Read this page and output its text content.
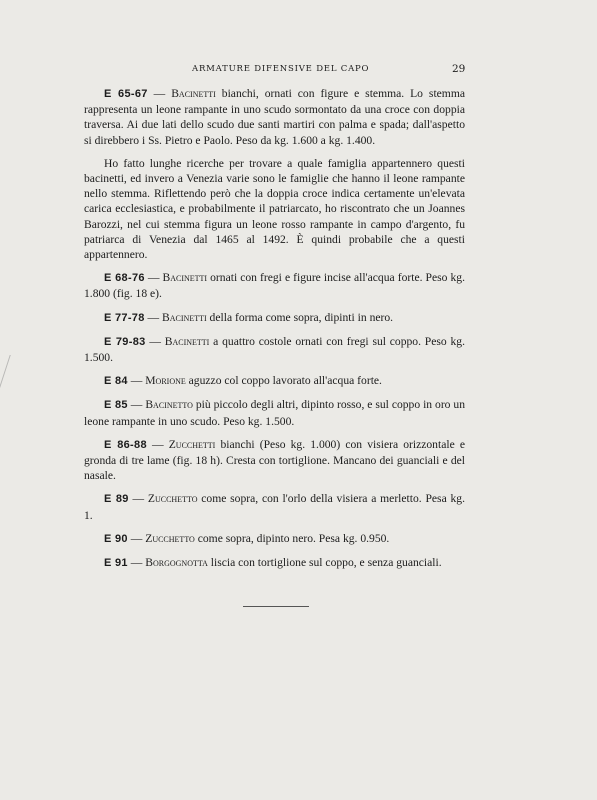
ARMATURE DIFENSIVE DEL CAPO	29

E 65-67 — Bacinetti bianchi, ornati con figure e stemma. Lo stemma rappresenta un leone rampante in uno scudo sormontato da una croce con doppia traversa. Ai due lati dello scudo due santi martiri con palma e spada; dall'aspetto si direbbero i Ss. Pietro e Paolo. Peso da kg. 1.600 a kg. 1.400.

Ho fatto lunghe ricerche per trovare a quale famiglia appartennero questi bacinetti, ed invero a Venezia varie sono le famiglie che hanno il leone rampante nello stemma. Riflettendo però che la doppia croce indica certamente un'elevata carica ecclesiastica, e probabilmente il patriarcato, ho riscontrato che un Joannes Barozzi, nel cui stemma figura un leone rosso rampante in campo d'argento, fu patriarca di Venezia dal 1465 al 1492. È quindi probabile che a questi appartennero.

E 68-76 — Bacinetti ornati con fregi e figure incise all'acqua forte. Peso kg. 1.800 (fig. 18 e).

E 77-78 — Bacinetti della forma come sopra, dipinti in nero.

E 79-83 — Bacinetti a quattro costole ornati con fregi sul coppo. Peso kg. 1.500.

E 84 — Morione aguzzo col coppo lavorato all'acqua forte.

E 85 — Bacinetto più piccolo degli altri, dipinto rosso, e sul coppo in oro un leone rampante in uno scudo. Peso kg. 1.500.

E 86-88 — Zucchetti bianchi (Peso kg. 1.000) con visiera orizzontale e gronda di tre lame (fig. 18 h). Cresta con tortiglione. Mancano dei guanciali e del nasale.

E 89 — Zucchetto come sopra, con l'orlo della visiera a merletto. Pesa kg. 1.

E 90 — Zucchetto come sopra, dipinto nero. Pesa kg. 0.950.

E 91 — Borgognotta liscia con tortiglione sul coppo, e senza guanciali.
